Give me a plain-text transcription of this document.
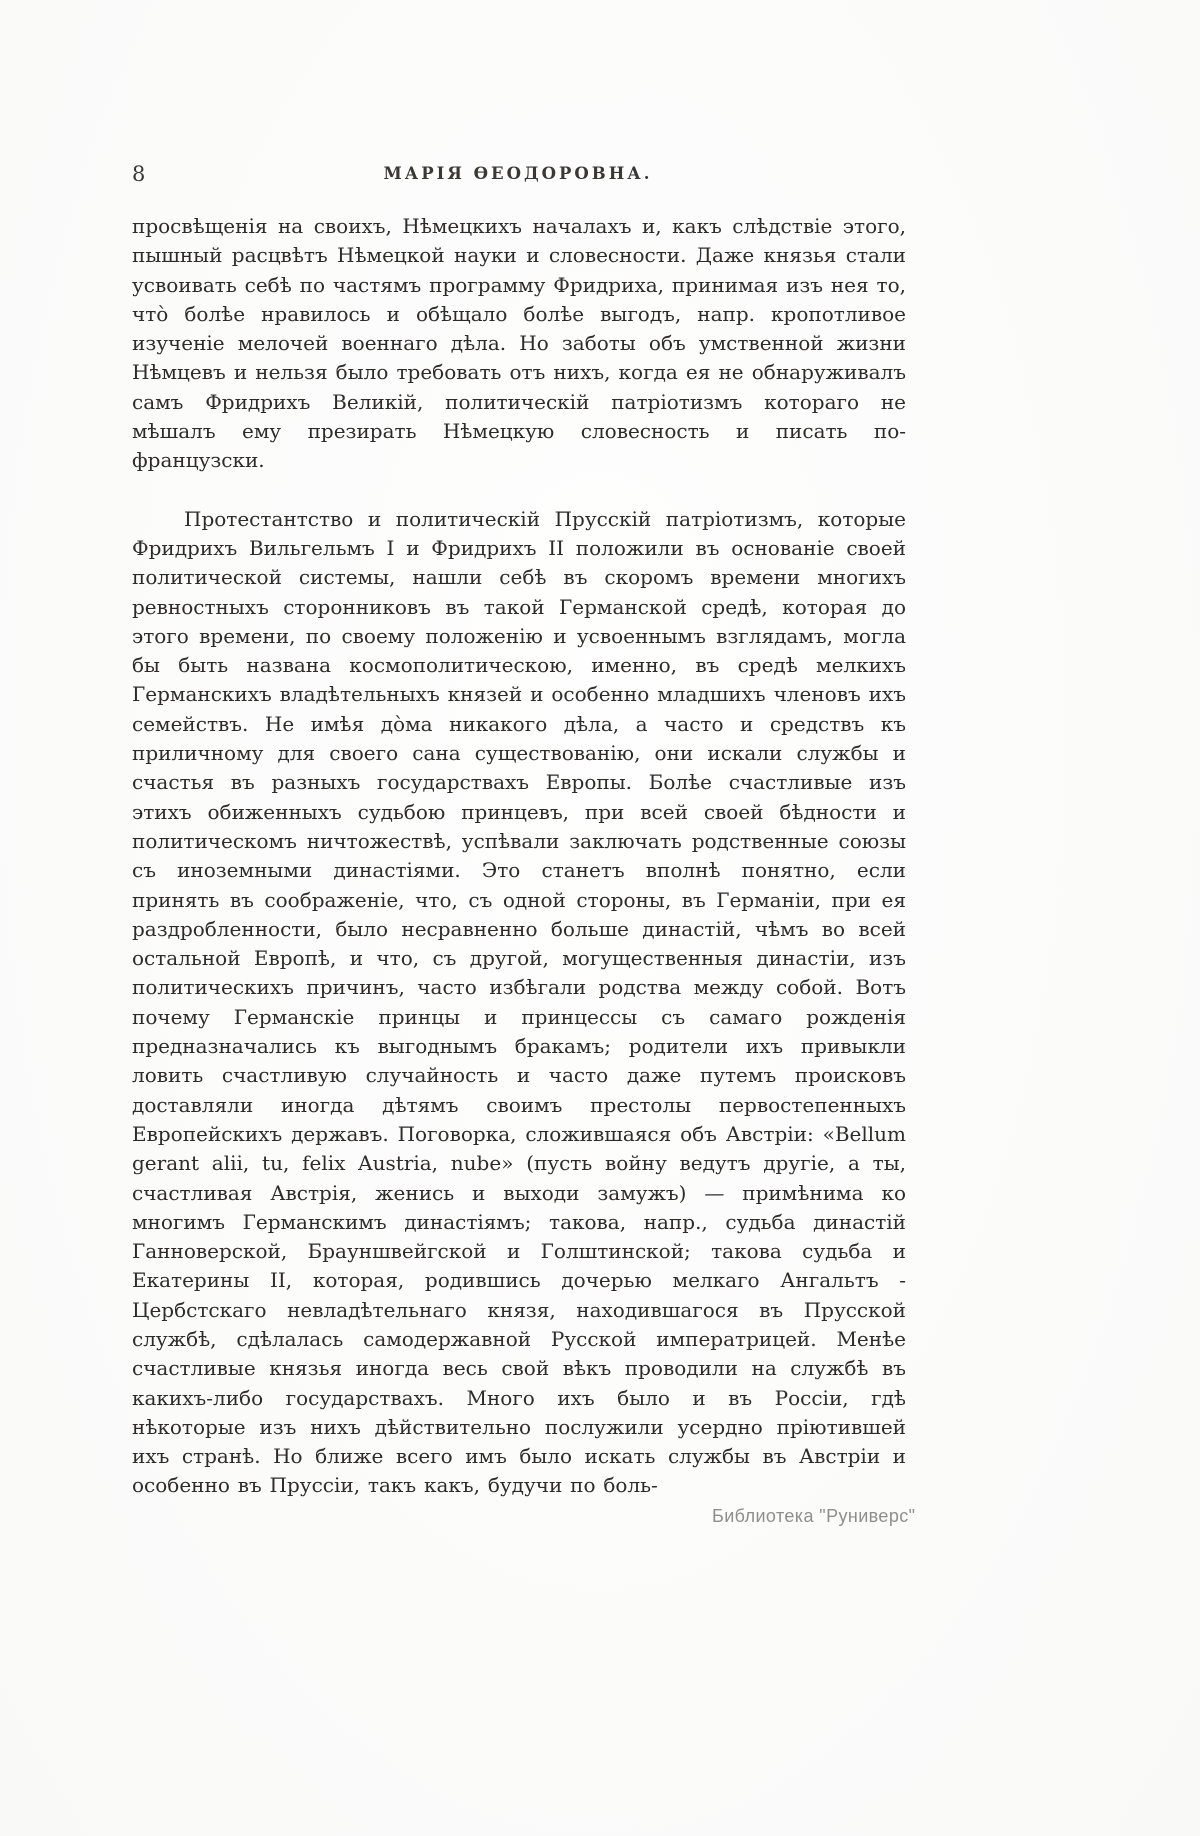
8	МАРІЯ ѲЕОДОРОВНА.

просвѣщенія на своихъ, Нѣмецкихъ началахъ и, какъ слѣдствіе этого, пышный расцвѣтъ Нѣмецкой науки и словесности. Даже князья стали усвоивать себѣ по частямъ программу Фридриха, принимая изъ нея то, чтò болѣе нравилось и обѣщало болѣе выгодъ, напр. кропотливое изученіе мелочей военнаго дѣла. Но заботы объ умственной жизни Нѣмцевъ и нельзя было требовать отъ нихъ, когда ея не обнаруживалъ самъ Фридрихъ Великій, политическій патріотизмъ котораго не мѣшалъ ему презирать Нѣмецкую словесность и писать по-французски.

Протестантство и политическій Прусскій патріотизмъ, которые Фридрихъ Вильгельмъ I и Фридрихъ II положили въ основаніе своей политической системы, нашли себѣ въ скоромъ времени многихъ ревностныхъ сторонниковъ въ такой Германской средѣ, которая до этого времени, по своему положенію и усвоеннымъ взглядамъ, могла бы быть названа космополитическою, именно, въ средѣ мелкихъ Германскихъ владѣтельныхъ князей и особенно младшихъ членовъ ихъ семействъ. Не имѣя дòма никакого дѣла, а часто и средствъ къ приличному для своего сана существованію, они искали службы и счастья въ разныхъ государствахъ Европы. Болѣе счастливые изъ этихъ обиженныхъ судьбою принцевъ, при всей своей бѣдности и политическомъ ничтожествѣ, успѣвали заключать родственные союзы съ иноземными династіями. Это станетъ вполнѣ понятно, если принять въ соображеніе, что, съ одной стороны, въ Германіи, при ея раздробленности, было несравненно больше династій, чѣмъ во всей остальной Европѣ, и что, съ другой, могущественныя династіи, изъ политическихъ причинъ, часто избѣгали родства между собой. Вотъ почему Германскіе принцы и принцессы съ самаго рожденія предназначались къ выгоднымъ бракамъ; родители ихъ привыкли ловить счастливую случайность и часто даже путемъ происковъ доставляли иногда дѣтямъ своимъ престолы первостепенныхъ Европейскихъ державъ. Поговорка, сложившаяся объ Австріи: «Bellum gerant alii, tu, felix Austria, nube» (пусть войну ведутъ другіе, а ты, счастливая Австрія, женись и выходи замужъ) — примѣнима ко многимъ Германскимъ династіямъ; такова, напр., судьба династій Ганноверской, Брауншвейгской и Голштинской; такова судьба и Екатерины II, которая, родившись дочерью мелкаго Ангальтъ - Цербстскаго невладѣтельнаго князя, находившагося въ Прусской службѣ, сдѣлалась самодержавной Русской императрицей. Менѣе счастливые князья иногда весь свой вѣкъ проводили на службѣ въ какихъ-либо государствахъ. Много ихъ было и въ Россіи, гдѣ нѣкоторые изъ нихъ дѣйствительно послужили усердно пріютившей ихъ странѣ. Но ближе всего имъ было искать службы въ Австріи и особенно въ Пруссіи, такъ какъ, будучи по боль-

Библиотека "Руниверс"
